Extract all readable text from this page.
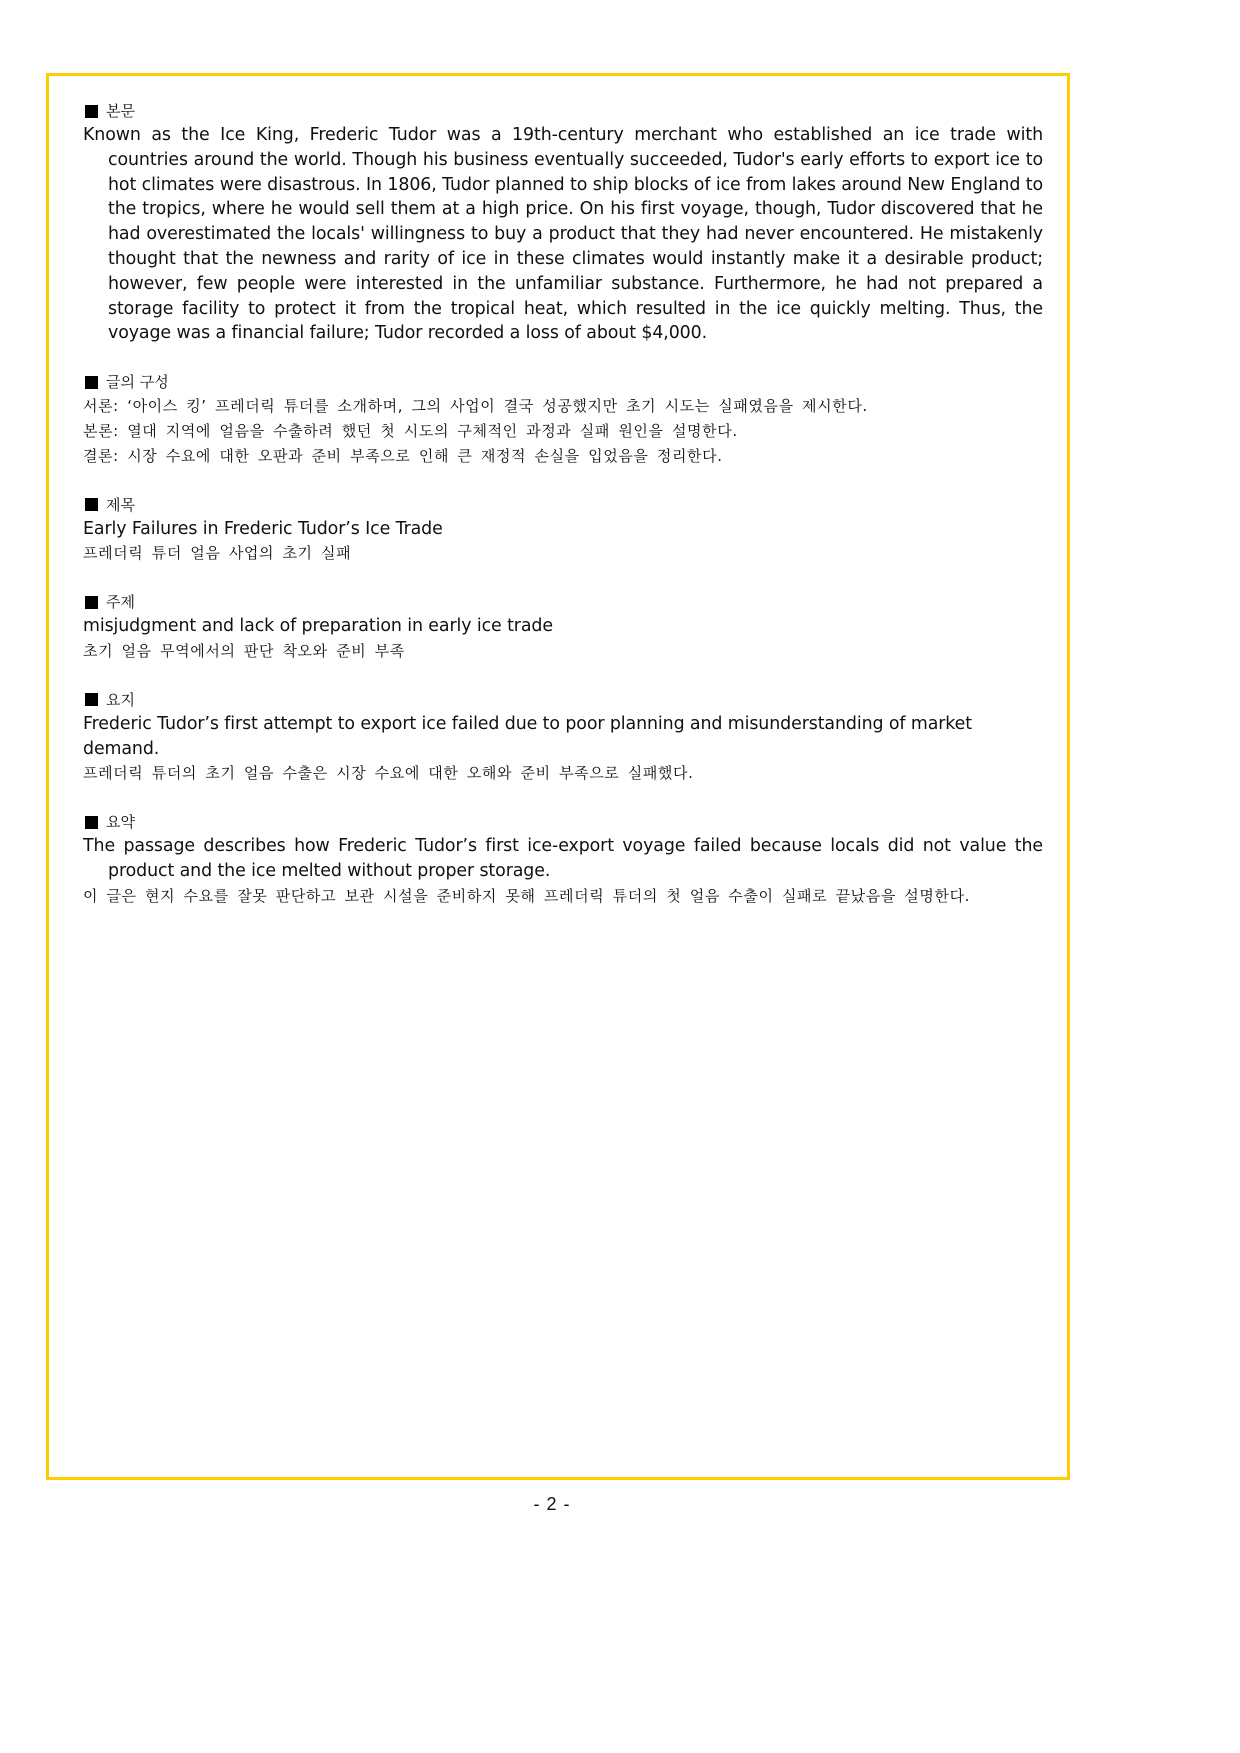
본문
Known as the Ice King, Frederic Tudor was a 19th-century merchant who established an ice trade with countries around the world. Though his business eventually succeeded, Tudor's early efforts to export ice to hot climates were disastrous. In 1806, Tudor planned to ship blocks of ice from lakes around New England to the tropics, where he would sell them at a high price. On his first voyage, though, Tudor discovered that he had overestimated the locals' willingness to buy a product that they had never encountered. He mistakenly thought that the newness and rarity of ice in these climates would instantly make it a desirable product; however, few people were interested in the unfamiliar substance. Furthermore, he had not prepared a storage facility to protect it from the tropical heat, which resulted in the ice quickly melting. Thus, the voyage was a financial failure; Tudor recorded a loss of about $4,000.
글의 구성
서론: ‘아이스 킹’ 프레더릭 튜더를 소개하며, 그의 사업이 결국 성공했지만 초기 시도는 실패였음을 제시한다.
본론: 열대 지역에 얼음을 수출하려 했던 첫 시도의 구체적인 과정과 실패 원인을 설명한다.
결론: 시장 수요에 대한 오판과 준비 부족으로 인해 큰 재정적 손실을 입었음을 정리한다.
제목
Early Failures in Frederic Tudor’s Ice Trade
프레더릭 튜더 얼음 사업의 초기 실패
주제
misjudgment and lack of preparation in early ice trade
초기 얼음 무역에서의 판단 착오와 준비 부족
요지
Frederic Tudor’s first attempt to export ice failed due to poor planning and misunderstanding of market demand.
프레더릭 튜더의 초기 얼음 수출은 시장 수요에 대한 오해와 준비 부족으로 실패했다.
요약
The passage describes how Frederic Tudor’s first ice-export voyage failed because locals did not value the product and the ice melted without proper storage.
이 글은 현지 수요를 잘못 판단하고 보관 시설을 준비하지 못해 프레더릭 튜더의 첫 얼음 수출이 실패로 끝났음을 설명한다.
- 2 -
